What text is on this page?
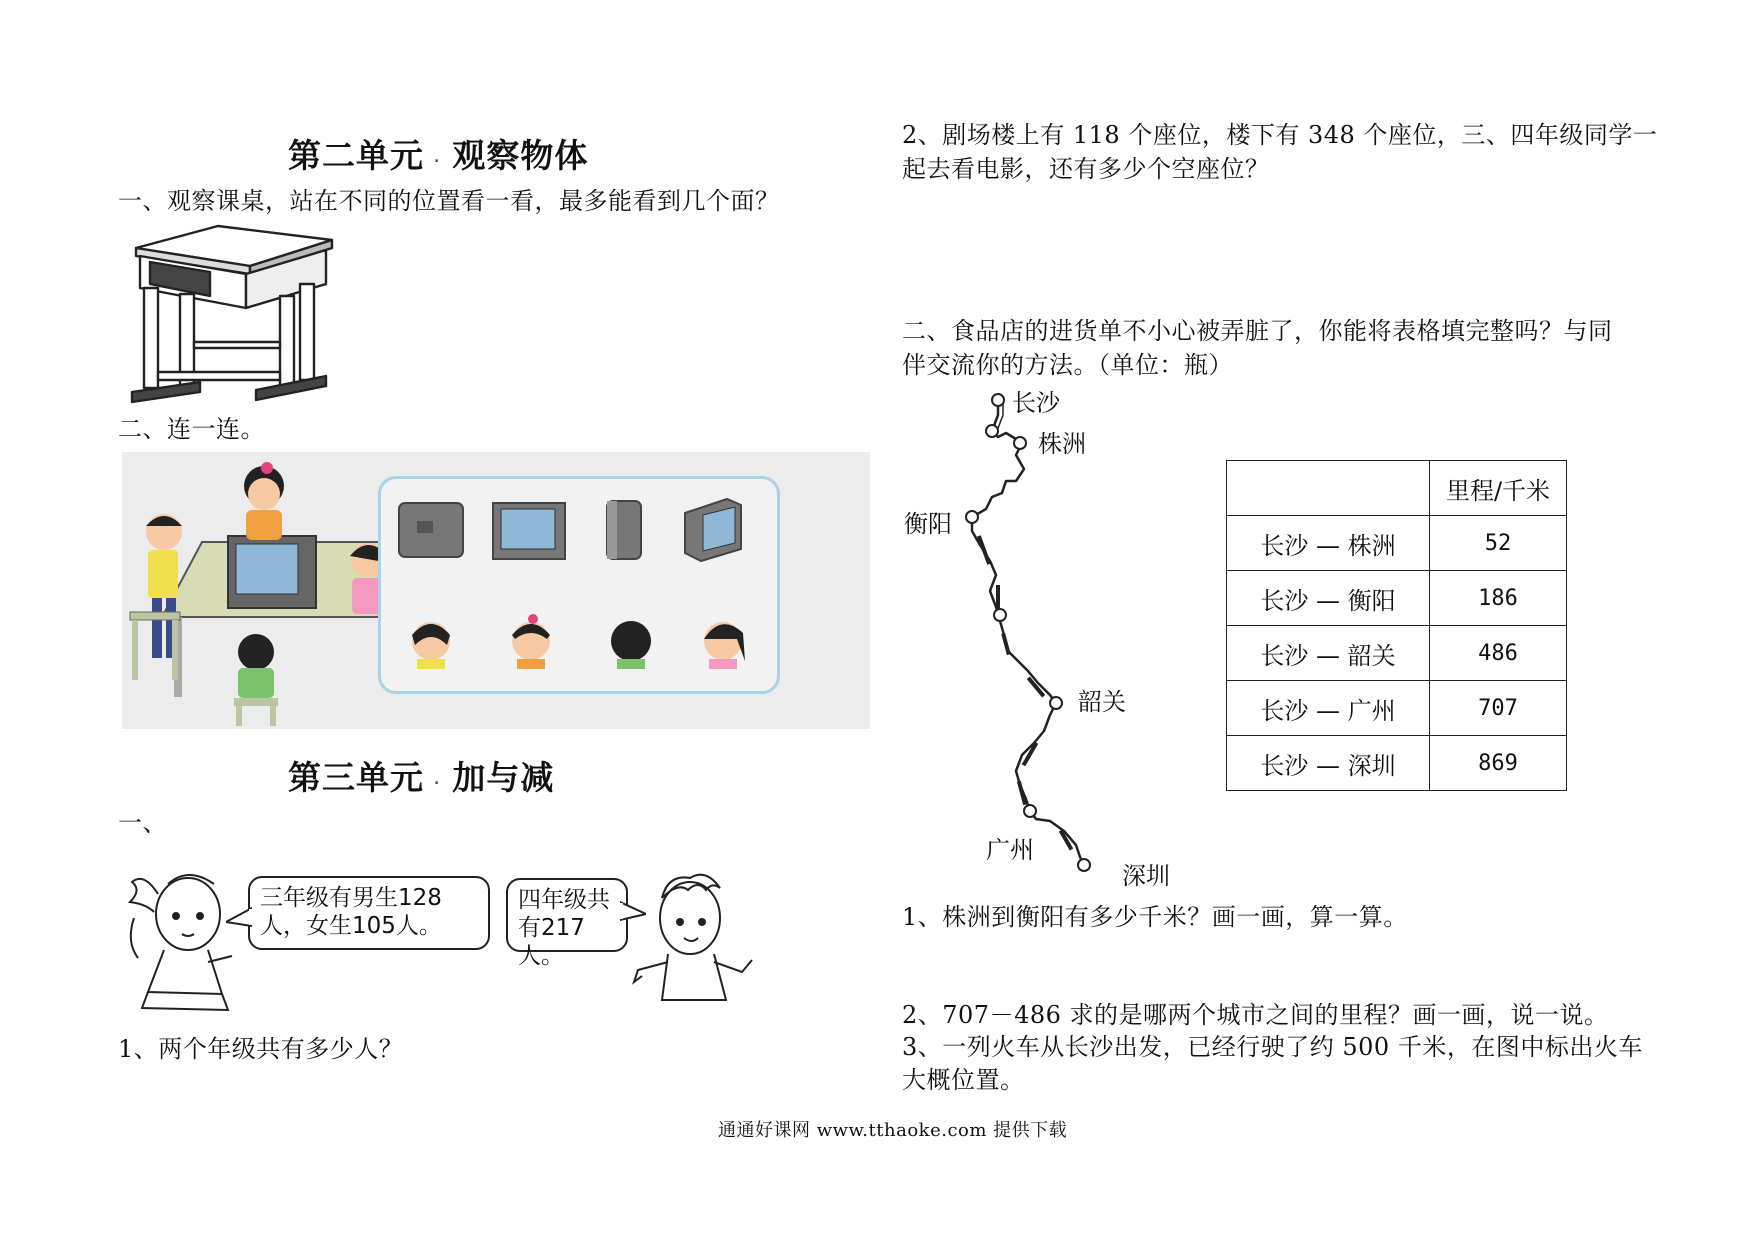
第二单元 . 观察物体
一、观察课桌，站在不同的位置看一看，最多能看到几个面？
二、连一连。
第三单元 . 加与减
一、
三年级有男生128人，女生105人。
四年级共有217人。
1、两个年级共有多少人？
2、剧场楼上有 118 个座位，楼下有 348 个座位，三、四年级同学一
起去看电影，还有多少个空座位？
二、食品店的进货单不小心被弄脏了，你能将表格填完整吗？与同
伴交流你的方法。（单位：瓶）
长沙
株洲
衡阳
韶关
广州
深圳
	里程/千米
长沙 — 株洲	52
长沙 — 衡阳	186
长沙 — 韶关	486
长沙 — 广州	707
长沙 — 深圳	869
1、株洲到衡阳有多少千米？画一画，算一算。
2、707－486 求的是哪两个城市之间的里程？画一画，说一说。
3、一列火车从长沙出发，已经行驶了约 500 千米，在图中标出火车
大概位置。
通通好课网 www.tthaoke.com 提供下载
